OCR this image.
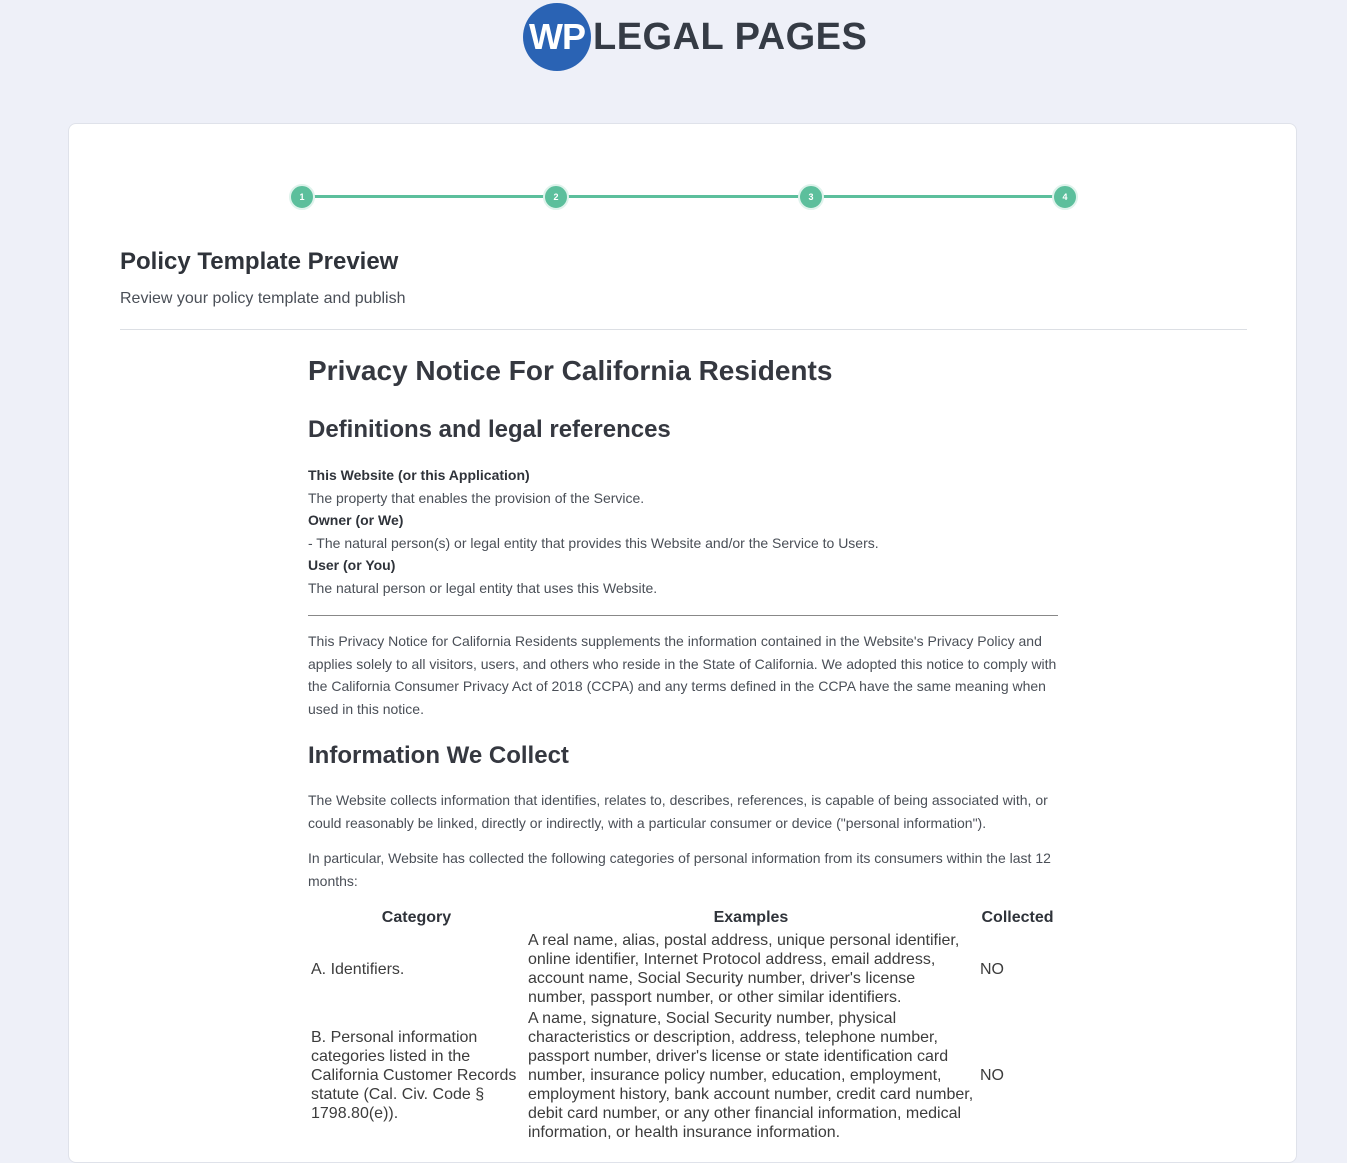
WP LEGAL PAGES
1	2	3	4
Policy Template Preview

Review your policy template and publish

Privacy Notice For California Residents
Definitions and legal references
This Website (or this Application)
The property that enables the provision of the Service.
Owner (or We)
- The natural person(s) or legal entity that provides this Website and/or the Service to Users.
User (or You)
The natural person or legal entity that uses this Website.

This Privacy Notice for California Residents supplements the information contained in the Website's Privacy Policy and applies solely to all visitors, users, and others who reside in the State of California. We adopted this notice to comply with the California Consumer Privacy Act of 2018 (CCPA) and any terms defined in the CCPA have the same meaning when used in this notice.

Information We Collect

The Website collects information that identifies, relates to, describes, references, is capable of being associated with, or could reasonably be linked, directly or indirectly, with a particular consumer or device ("personal information").

In particular, Website has collected the following categories of personal information from its consumers within the last 12 months:

Category	Examples	Collected
A. Identifiers.	A real name, alias, postal address, unique personal identifier, online identifier, Internet Protocol address, email address, account name, Social Security number, driver's license number, passport number, or other similar identifiers.	NO
B. Personal information categories listed in the California Customer Records statute (Cal. Civ. Code § 1798.80(e)).	A name, signature, Social Security number, physical characteristics or description, address, telephone number, passport number, driver's license or state identification card number, insurance policy number, education, employment, employment history, bank account number, credit card number, debit card number, or any other financial information, medical information, or health insurance information.	NO
